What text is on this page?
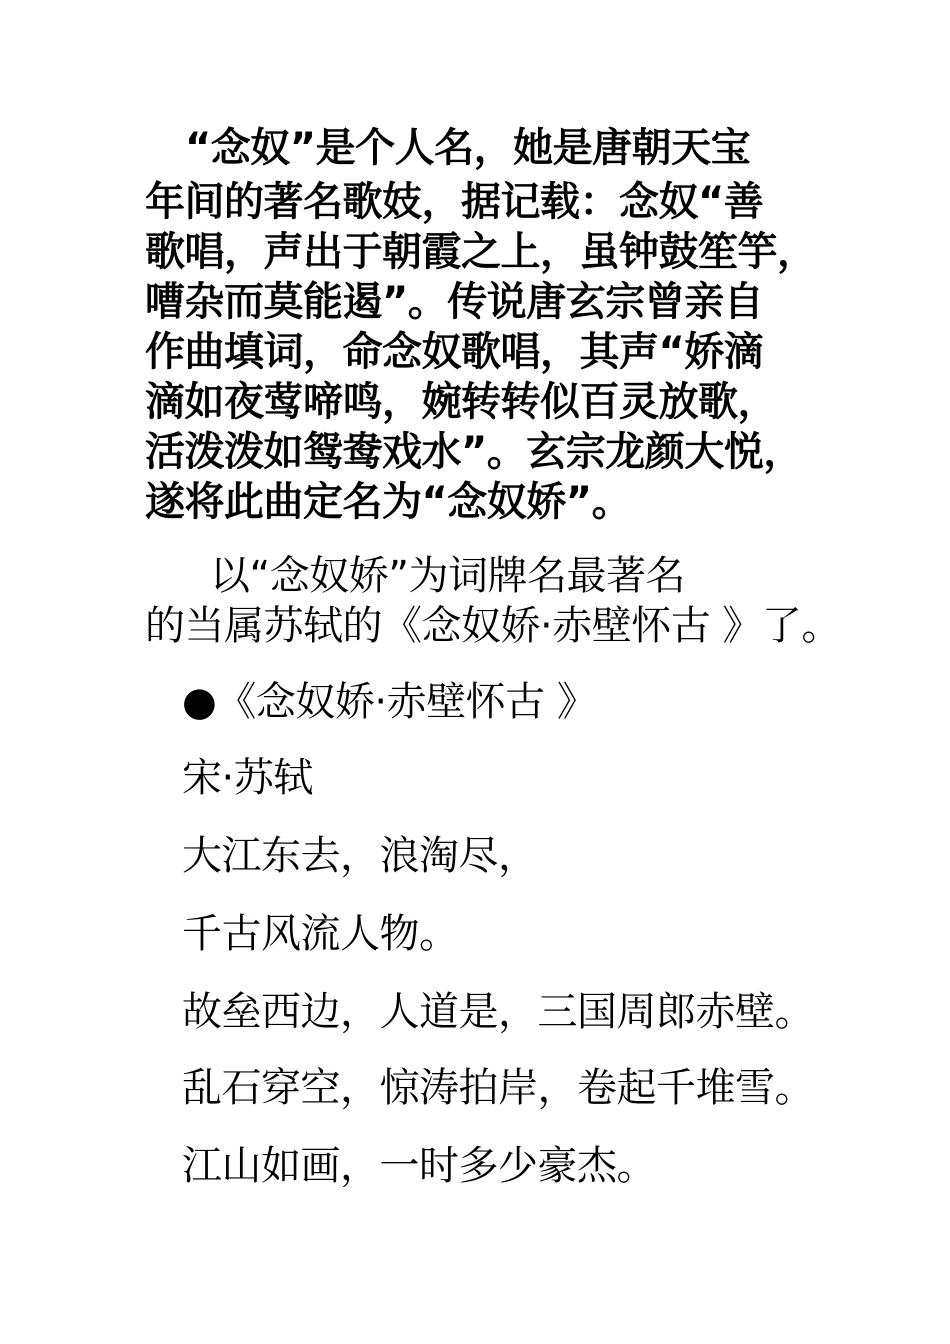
“念奴”是个人名，她是唐朝天宝
年间的著名歌妓，据记载：念奴“善
歌唱，声出于朝霞之上，虽钟鼓笙竽，
嘈杂而莫能遏”。传说唐玄宗曾亲自
作曲填词，命念奴歌唱，其声“娇滴
滴如夜莺啼鸣，婉转转似百灵放歌，
活泼泼如鸳鸯戏水”。玄宗龙颜大悦，
遂将此曲定名为“念奴娇”。
以“念奴娇”为词牌名最著名
的当属苏轼的《念奴娇·赤壁怀古 》了。
●《念奴娇·赤壁怀古 》
宋·苏轼
大江东去，浪淘尽，
千古风流人物。
故垒西边，人道是，三国周郎赤壁。
乱石穿空，惊涛拍岸，卷起千堆雪。
江山如画，一时多少豪杰。
